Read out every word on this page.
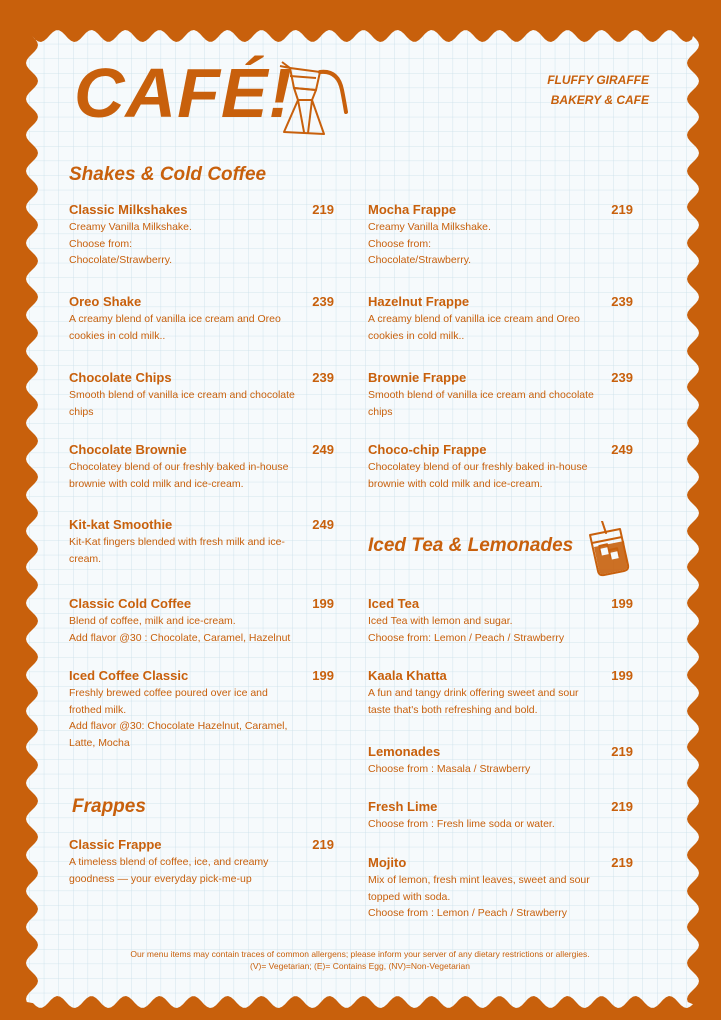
CAFÉ!	FLUFFY GIRAFFE
BAKERY & CAFE
Shakes & Cold Coffee
Frappes
Iced Tea & Lemonades
Classic Milkshakes	219
Creamy Vanilla Milkshake.
Choose from:
Chocolate/Strawberry.
Oreo Shake	239
A creamy blend of vanilla ice cream and Oreo
cookies in cold milk..
Chocolate Chips	239
Smooth blend of vanilla ice cream and chocolate
chips
Chocolate Brownie	249
Chocolatey blend of our freshly baked in-house
brownie with cold milk and ice-cream.
Kit-kat Smoothie	249
Kit-Kat fingers blended with fresh milk and ice-
cream.
Classic Cold Coffee	199
Blend of coffee, milk and ice-cream.
Add flavor @30 : Chocolate, Caramel, Hazelnut
Iced Coffee Classic	199
Freshly brewed coffee poured over ice and
frothed milk.
Add flavor @30: Chocolate Hazelnut, Caramel,
Latte, Mocha
Classic Frappe	219
A timeless blend of coffee, ice, and creamy
goodness — your everyday pick-me-up
Mocha Frappe	219
Creamy Vanilla Milkshake.
Choose from:
Chocolate/Strawberry.
Hazelnut Frappe	239
A creamy blend of vanilla ice cream and Oreo
cookies in cold milk..
Brownie Frappe	239
Smooth blend of vanilla ice cream and chocolate
chips
Choco-chip Frappe	249
Chocolatey blend of our freshly baked in-house
brownie with cold milk and ice-cream.
Iced Tea	199
Iced Tea with lemon and sugar.
Choose from: Lemon / Peach / Strawberry
Kaala Khatta	199
A fun and tangy drink offering sweet and sour
taste that's both refreshing and bold.
Lemonades	219
Choose from : Masala / Strawberry
Fresh Lime	219
Choose from : Fresh lime soda or water.
Mojito	219
Mix of lemon, fresh mint leaves, sweet and sour
topped with soda.
Choose from : Lemon / Peach / Strawberry
Our menu items may contain traces of common allergens; please inform your server of any dietary restrictions or allergies.
(V)= Vegetarian; (E)= Contains Egg, (NV)=Non-Vegetarian
